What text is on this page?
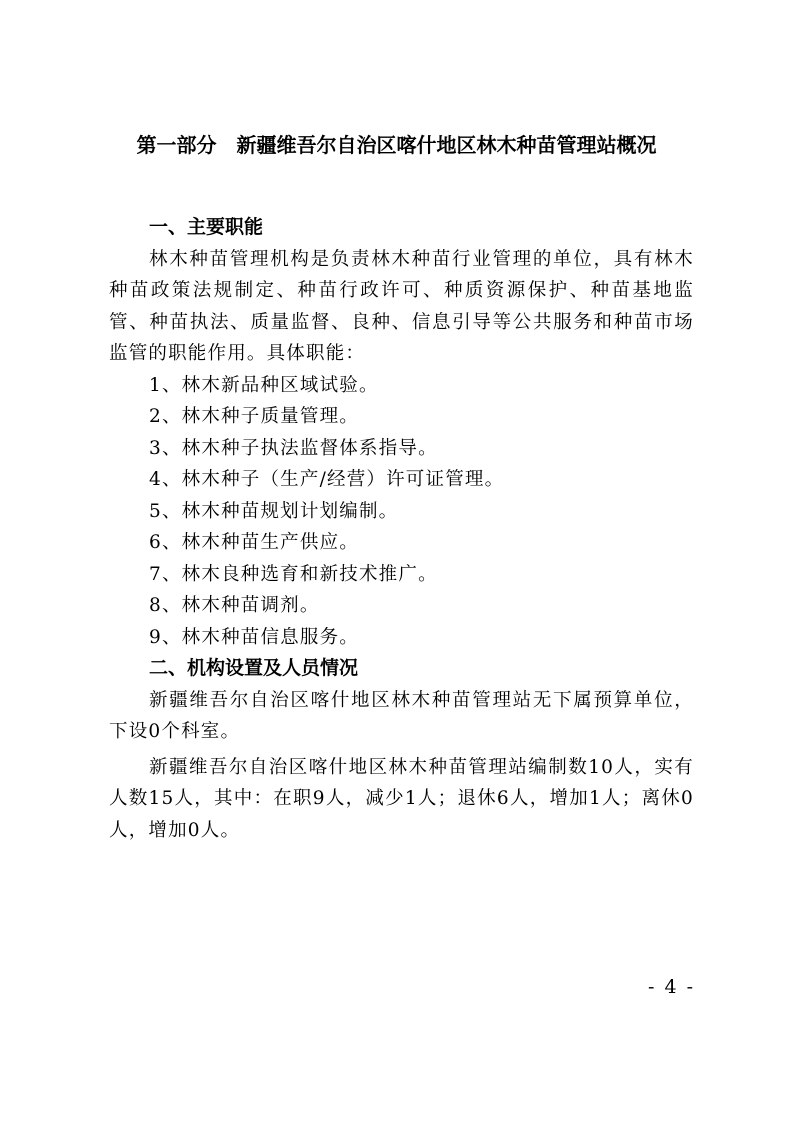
第一部分　新疆维吾尔自治区喀什地区林木种苗管理站概况
一、主要职能

林木种苗管理机构是负责林木种苗行业管理的单位，具有林木种苗政策法规制定、种苗行政许可、种质资源保护、种苗基地监管、种苗执法、质量监督、良种、信息引导等公共服务和种苗市场监管的职能作用。具体职能：

1、林木新品种区域试验。
2、林木种子质量管理。
3、林木种子执法监督体系指导。
4、林木种子（生产/经营）许可证管理。
5、林木种苗规划计划编制。
6、林木种苗生产供应。
7、林木良种选育和新技术推广。
8、林木种苗调剂。
9、林木种苗信息服务。
二、机构设置及人员情况

新疆维吾尔自治区喀什地区林木种苗管理站无下属预算单位，下设0个科室。

新疆维吾尔自治区喀什地区林木种苗管理站编制数10人，实有人数15人，其中：在职9人，减少1人；退休6人，增加1人；离休0人，增加0人。

- 4 -
